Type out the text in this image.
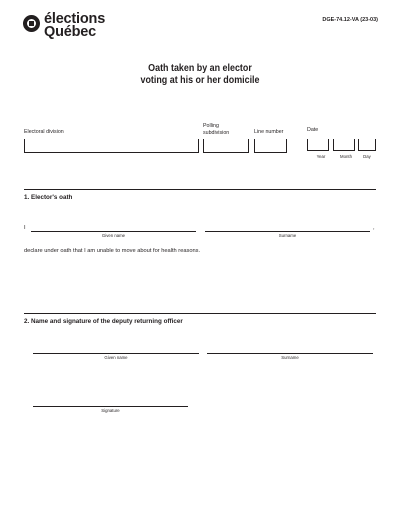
élections
Québec
DGE-74.12-VA (23-03)
Oath taken by an elector
voting at his or her domicile
Electoral division
Polling
subdivision	Line number	Date
Year	Month	Day
1. Elector's oath
I
Given name	Surname
,
declare under oath that I am unable to move about for health reasons.
2. Name and signature of the deputy returning officer
Given name	Surname
Signature
